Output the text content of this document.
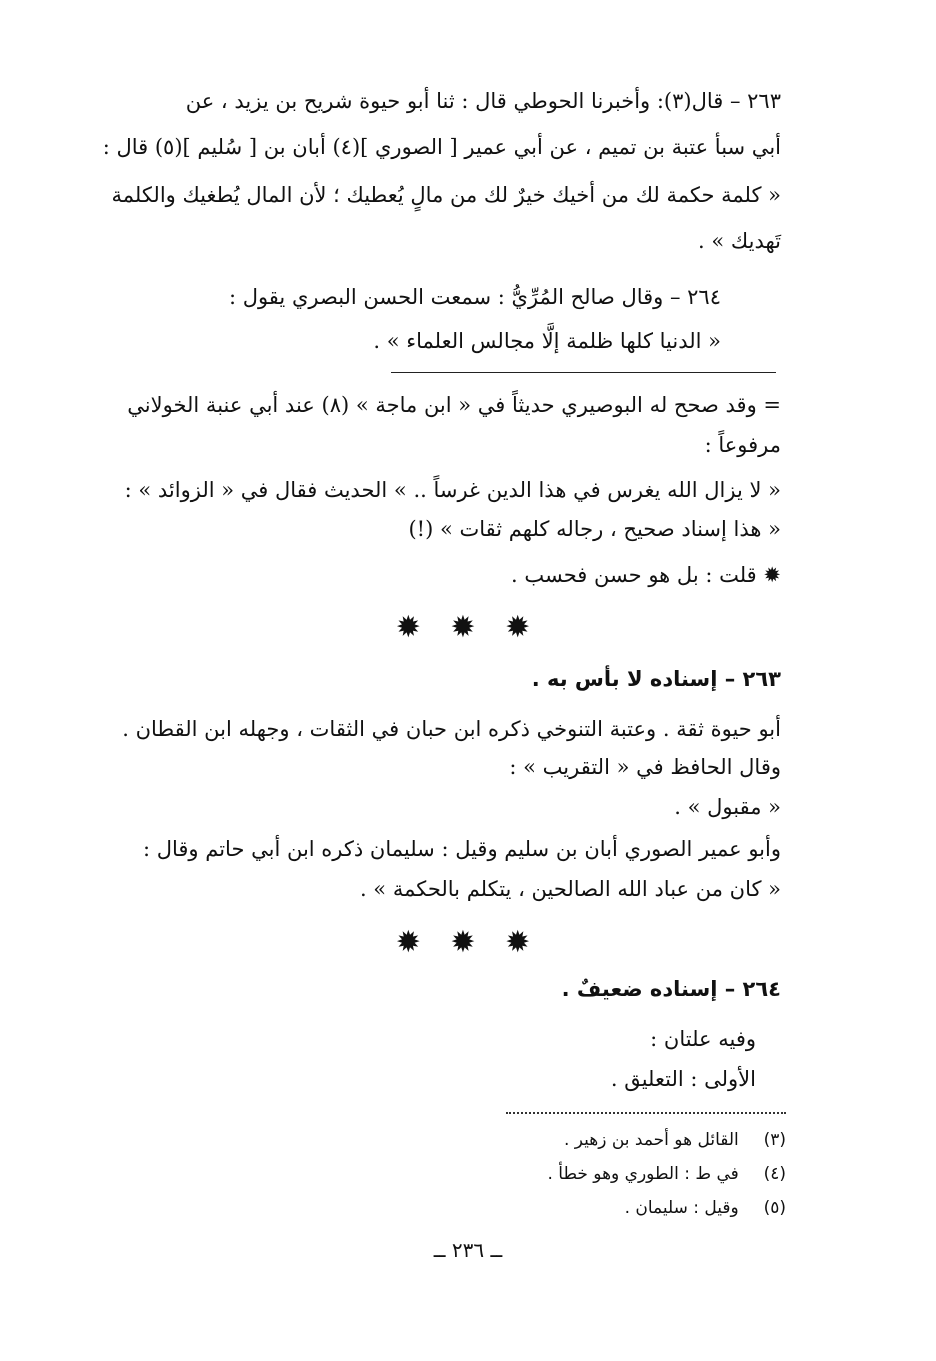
٢٦٣ – قال(٣): وأخبرنا الحوطي قال : ثنا أبو حيوة شريح بن يزيد ، عن

أبي سبأ عتبة بن تميم ، عن أبي عمير [ الصوري ](٤) أبان بن [ سُليم ](٥) قال :

« كلمة حكمة لك من أخيك خيرٌ لك من مالٍ يُعطيك ؛ لأن المال يُطغيك والكلمة

تَهديك » .

٢٦٤ – وقال صالح المُرِّيُّ : سمعت الحسن البصري يقول :

« الدنيا كلها ظلمة إلَّا مجالس العلماء » .

= وقد صحح له البوصيري حديثاً في « ابن ماجة » (٨) عند أبي عنبة الخولاني

مرفوعاً :

« لا يزال الله يغرس في هذا الدين غرساً .. » الحديث فقال في « الزوائد » :

« هذا إسناد صحيح ، رجاله كلهم ثقات » (!)

✹ قلت : بل هو حسن فحسب .

✹ ✹ ✹

٢٦٣ – إسناده لا بأس به .

أبو حيوة ثقة . وعتبة التنوخي ذكره ابن حبان في الثقات ، وجهله ابن القطان .

وقال الحافظ في « التقريب » :

« مقبول » .

وأبو عمير الصوري أبان بن سليم وقيل : سليمان ذكره ابن أبي حاتم وقال :

« كان من عباد الله الصالحين ، يتكلم بالحكمة » .

✹ ✹ ✹

٢٦٤ – إسناده ضعيفٌ .

وفيه علتان :

الأولى : التعليق .

(٣)  القائل هو أحمد بن زهير .
(٤)  في ط : الطوري وهو خطأ .
(٥)  وقيل : سليمان .
ــ ٢٣٦ ــ
